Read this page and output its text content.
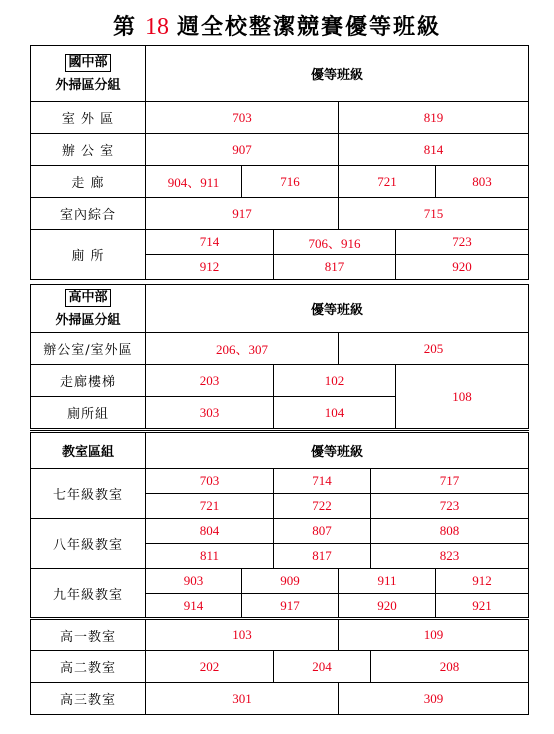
第 18 週全校整潔競賽優等班級
國中部
外掃區分組	優等班級					
室 外 區	703			819		
辦 公 室	907			814		
走 廊	904、911	716		721		803
室內綜合	917			715		
廁 所	714		706、916		723	
	912		817		920	
高中部
外掃區分組	優等班級			
辦公室/室外區	206、307		205	
走廊樓梯	203	102		108
廁所組	303	104		
教室區組	優等班級					
七年級教室	703		714		717	
	721		722		723	
八年級教室	804		807		808	
	811		817		823	
九年級教室	903	909		911		912
	914	917		920		921
高一教室	103			109		
高二教室	202		204		208	
高三教室	301			309		
